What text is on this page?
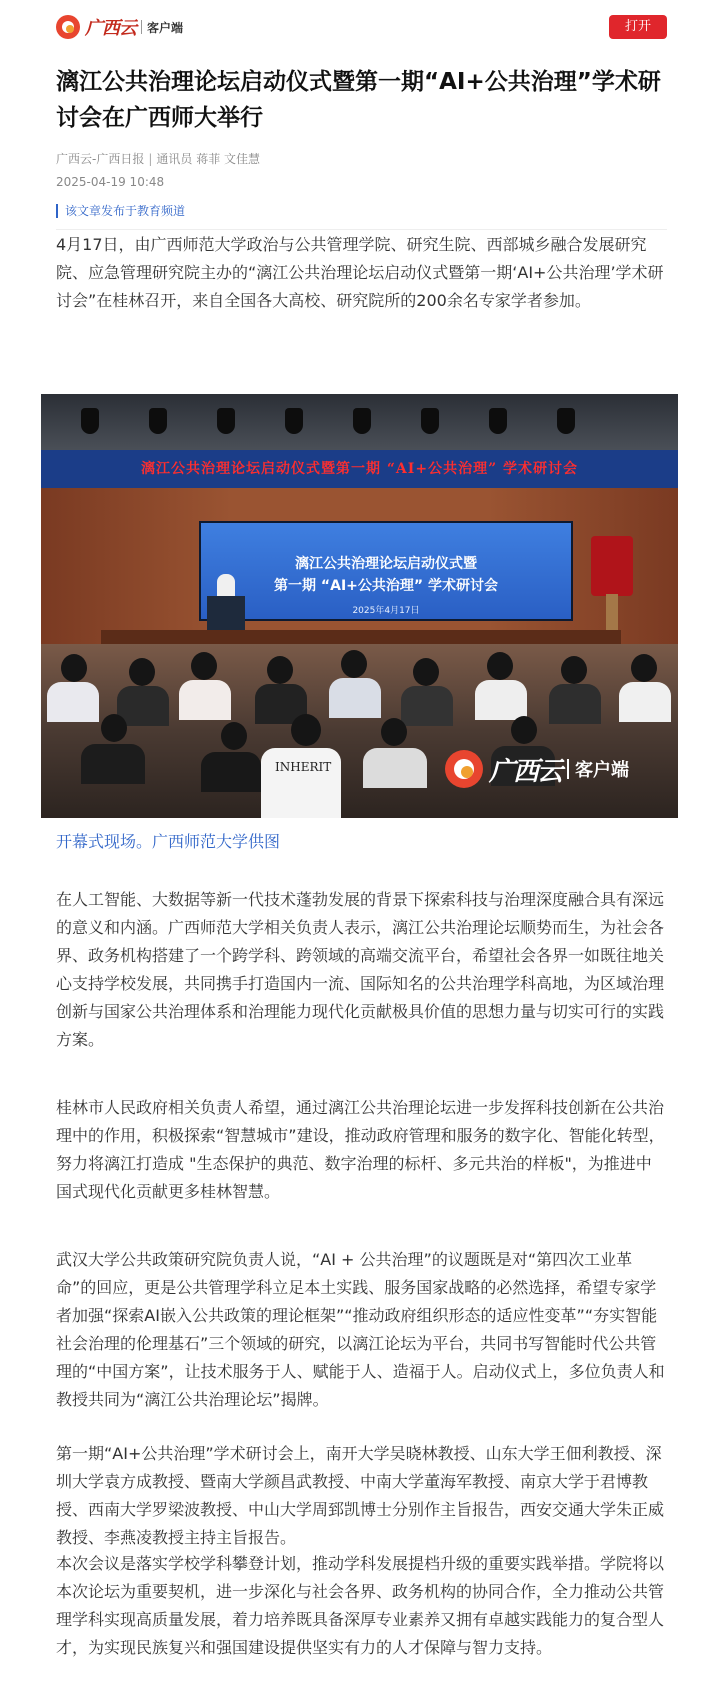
广西云 客户端	打开
漓江公共治理论坛启动仪式暨第一期“AI+公共治理”学术研讨会在广西师大举行
广西云-广西日报 | 通讯员 蒋菲 文佳慧
2025-04-19 10:48
该文章发布于教育频道

4月17日，由广西师范大学政治与公共管理学院、研究生院、西部城乡融合发展研究院、应急管理研究院主办的“漓江公共治理论坛启动仪式暨第一期‘AI+公共治理’学术研讨会”在桂林召开，来自全国各大高校、研究院所的200余名专家学者参加。

漓江公共治理论坛启动仪式暨第一期 “AI+公共治理” 学术研讨会
漓江公共治理论坛启动仪式暨
第一期 “AI+公共治理” 学术研讨会
2025年4月17日
INHERIT	广西云 客户端
开幕式现场。广西师范大学供图

在人工智能、大数据等新一代技术蓬勃发展的背景下探索科技与治理深度融合具有深远的意义和内涵。广西师范大学相关负责人表示，漓江公共治理论坛顺势而生，为社会各界、政务机构搭建了一个跨学科、跨领域的高端交流平台，希望社会各界一如既往地关心支持学校发展，共同携手打造国内一流、国际知名的公共治理学科高地，为区域治理创新与国家公共治理体系和治理能力现代化贡献极具价值的思想力量与切实可行的实践方案。

桂林市人民政府相关负责人希望，通过漓江公共治理论坛进一步发挥科技创新在公共治理中的作用，积极探索“智慧城市”建设，推动政府管理和服务的数字化、智能化转型，努力将漓江打造成 "生态保护的典范、数字治理的标杆、多元共治的样板"，为推进中国式现代化贡献更多桂林智慧。

武汉大学公共政策研究院负责人说，“AI + 公共治理”的议题既是对“第四次工业革命”的回应，更是公共管理学科立足本土实践、服务国家战略的必然选择，希望专家学者加强“探索AI嵌入公共政策的理论框架”“推动政府组织形态的适应性变革”“夯实智能社会治理的伦理基石”三个领域的研究，以漓江论坛为平台，共同书写智能时代公共管理的“中国方案”，让技术服务于人、赋能于人、造福于人。启动仪式上，多位负责人和教授共同为“漓江公共治理论坛”揭牌。

第一期“AI+公共治理”学术研讨会上，南开大学吴晓林教授、山东大学王佃利教授、深圳大学袁方成教授、暨南大学颜昌武教授、中南大学董海军教授、南京大学于君博教授、西南大学罗梁波教授、中山大学周郅凯博士分别作主旨报告，西安交通大学朱正威教授、李燕凌教授主持主旨报告。

本次会议是落实学校学科攀登计划，推动学科发展提档升级的重要实践举措。学院将以本次论坛为重要契机，进一步深化与社会各界、政务机构的协同合作，全力推动公共管理学科实现高质量发展，着力培养既具备深厚专业素养又拥有卓越实践能力的复合型人才，为实现民族复兴和强国建设提供坚实有力的人才保障与智力支持。
